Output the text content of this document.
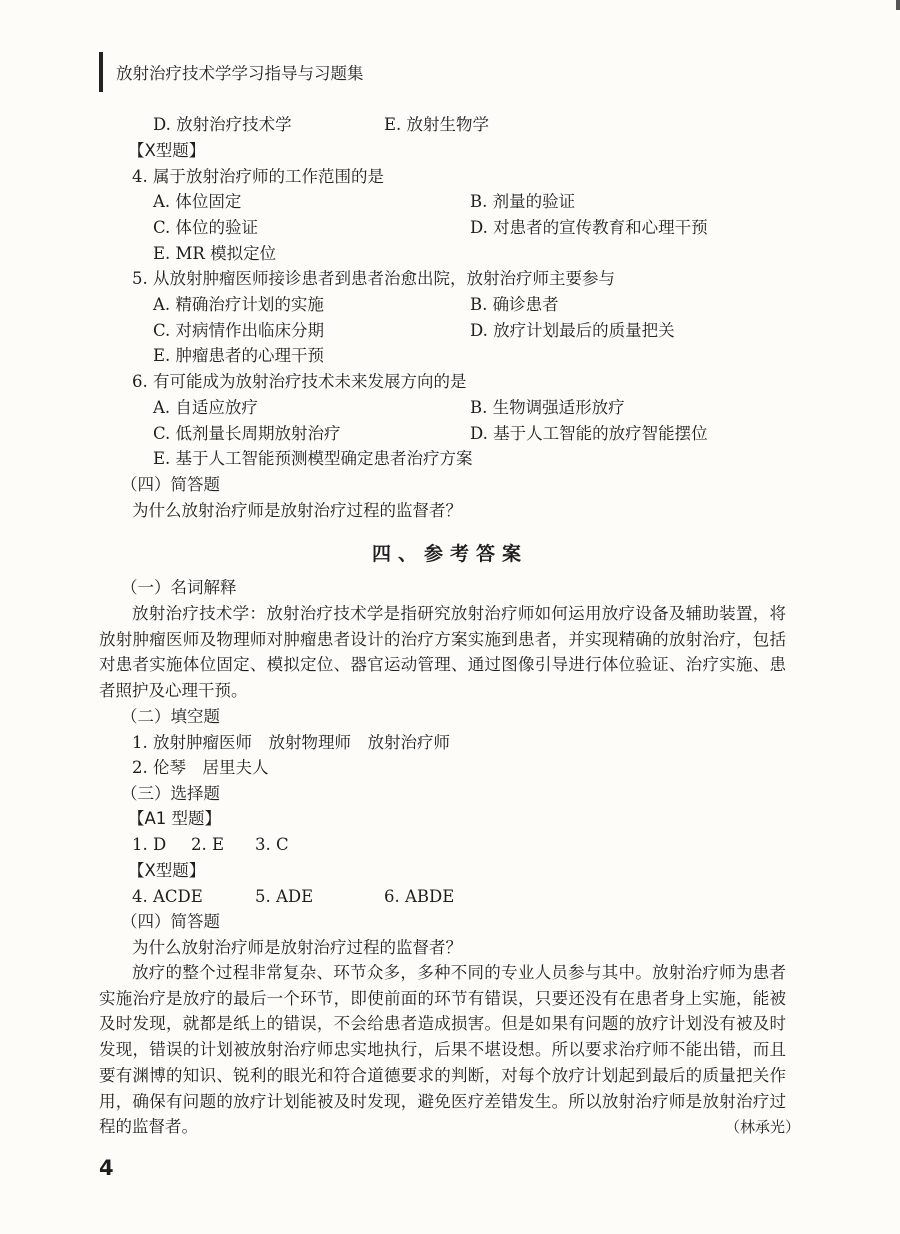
放射治疗技术学学习指导与习题集
D. 放射治疗技术学	E. 放射生物学
【Ⅹ型题】
4. 属于放射治疗师的工作范围的是
A. 体位固定	B. 剂量的验证
C. 体位的验证	D. 对患者的宣传教育和心理干预
E. MR 模拟定位
5. 从放射肿瘤医师接诊患者到患者治愈出院，放射治疗师主要参与
A. 精确治疗计划的实施	B. 确诊患者
C. 对病情作出临床分期	D. 放疗计划最后的质量把关
E. 肿瘤患者的心理干预
6. 有可能成为放射治疗技术未来发展方向的是
A. 自适应放疗	B. 生物调强适形放疗
C. 低剂量长周期放射治疗	D. 基于人工智能的放疗智能摆位
E. 基于人工智能预测模型确定患者治疗方案
（四）简答题
为什么放射治疗师是放射治疗过程的监督者？
四、参考答案
（一）名词解释
放射治疗技术学：放射治疗技术学是指研究放射治疗师如何运用放疗设备及辅助装置，将放射肿瘤医师及物理师对肿瘤患者设计的治疗方案实施到患者，并实现精确的放射治疗，包括对患者实施体位固定、模拟定位、器官运动管理、通过图像引导进行体位验证、治疗实施、患者照护及心理干预。
（二）填空题
1. 放射肿瘤医师　放射物理师　放射治疗师
2. 伦琴　居里夫人
（三）选择题
【A1 型题】
1. D 2. E 3. C
【Ⅹ型题】
4. ACDE	5. ADE	6. ABDE
（四）简答题
为什么放射治疗师是放射治疗过程的监督者？
放疗的整个过程非常复杂、环节众多，多种不同的专业人员参与其中。放射治疗师为患者实施治疗是放疗的最后一个环节，即使前面的环节有错误，只要还没有在患者身上实施，能被及时发现，就都是纸上的错误，不会给患者造成损害。但是如果有问题的放疗计划没有被及时发现，错误的计划被放射治疗师忠实地执行，后果不堪设想。所以要求治疗师不能出错，而且要有渊博的知识、锐利的眼光和符合道德要求的判断，对每个放疗计划起到最后的质量把关作用，确保有问题的放疗计划能被及时发现，避免医疗差错发生。所以放射治疗师是放射治疗过程的监督者。	（林承光）
4
